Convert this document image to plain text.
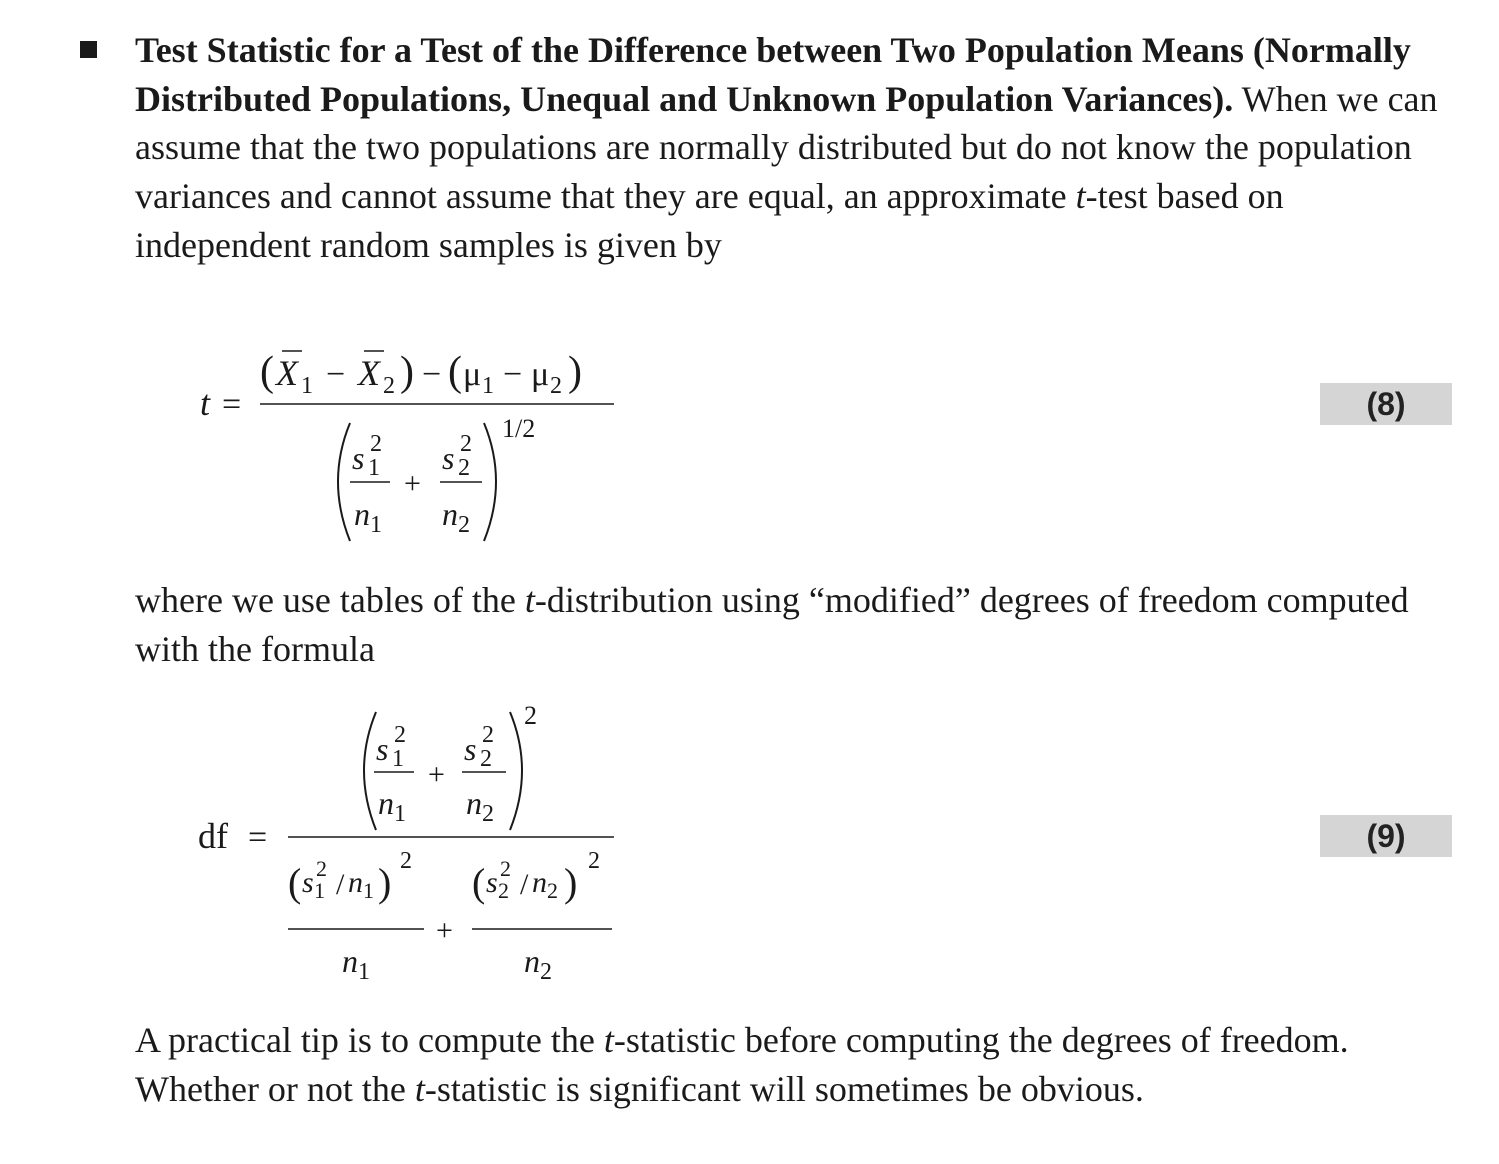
Test Statistic for a Test of the Difference between Two Population Means (Normally Distributed Populations, Unequal and Unknown Population Variances). When we can assume that the two populations are normally distributed but do not know the population variances and cannot assume that they are equal, an approximate t-test based on independent random samples is given by

t =
( X 1 − X 2 ) − ( μ 1 − μ 2 )
1/2
s 2
1
n 1
+
s 2
2
n 2
(8)

where we use tables of the t-distribution using “modified” degrees of freedom computed with the formula

df =
2
s 2
1
n 1
+
s 2
2
n 2
( s 2
1 / n 1 ) 2
n 1
+
( s 2
2 / n 2 ) 2
n 2
(9)

A practical tip is to compute the t-statistic before computing the degrees of freedom. Whether or not the t-statistic is significant will sometimes be obvious.
